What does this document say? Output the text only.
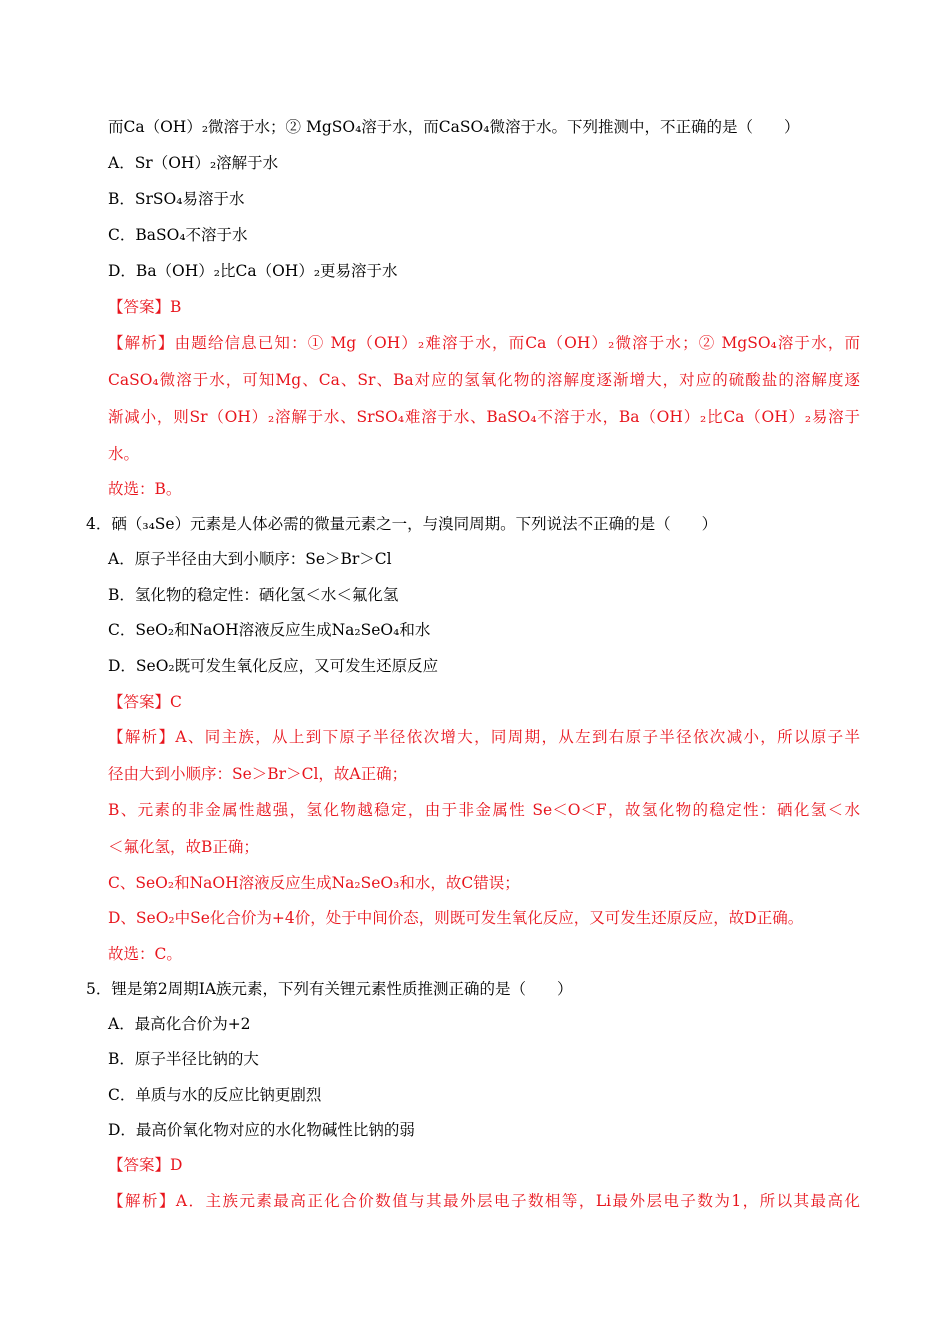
而Ca（OH）₂微溶于水；② MgSO₄溶于水，而CaSO₄微溶于水。下列推测中，不正确的是（　　）
A．Sr（OH）₂溶解于水
B．SrSO₄易溶于水
C．BaSO₄不溶于水
D．Ba（OH）₂比Ca（OH）₂更易溶于水
【答案】B
【解析】由题给信息已知：① Mg（OH）₂难溶于水，而Ca（OH）₂微溶于水；② MgSO₄溶于水，而
CaSO₄微溶于水，可知Mg、Ca、Sr、Ba对应的氢氧化物的溶解度逐渐增大，对应的硫酸盐的溶解度逐
渐减小，则Sr（OH）₂溶解于水、SrSO₄难溶于水、BaSO₄不溶于水，Ba（OH）₂比Ca（OH）₂易溶于
水。
故选：B。
4．硒（₃₄Se）元素是人体必需的微量元素之一，与溴同周期。下列说法不正确的是（　　）
A．原子半径由大到小顺序：Se＞Br＞Cl
B．氢化物的稳定性：硒化氢＜水＜氟化氢
C．SeO₂和NaOH溶液反应生成Na₂SeO₄和水
D．SeO₂既可发生氧化反应，又可发生还原反应
【答案】C
【解析】A、同主族，从上到下原子半径依次增大，同周期，从左到右原子半径依次减小，所以原子半
径由大到小顺序：Se＞Br＞Cl，故A正确；
B、元素的非金属性越强，氢化物越稳定，由于非金属性 Se＜O＜F，故氢化物的稳定性：硒化氢＜水
＜氟化氢，故B正确；
C、SeO₂和NaOH溶液反应生成Na₂SeO₃和水，故C错误；
D、SeO₂中Se化合价为+4价，处于中间价态，则既可发生氧化反应，又可发生还原反应，故D正确。
故选：C。
5．锂是第2周期ⅠA族元素，下列有关锂元素性质推测正确的是（　　）
A．最高化合价为+2
B．原子半径比钠的大
C．单质与水的反应比钠更剧烈
D．最高价氧化物对应的水化物碱性比钠的弱
【答案】D
【解析】A．主族元素最高正化合价数值与其最外层电子数相等，Li最外层电子数为1，所以其最高化
